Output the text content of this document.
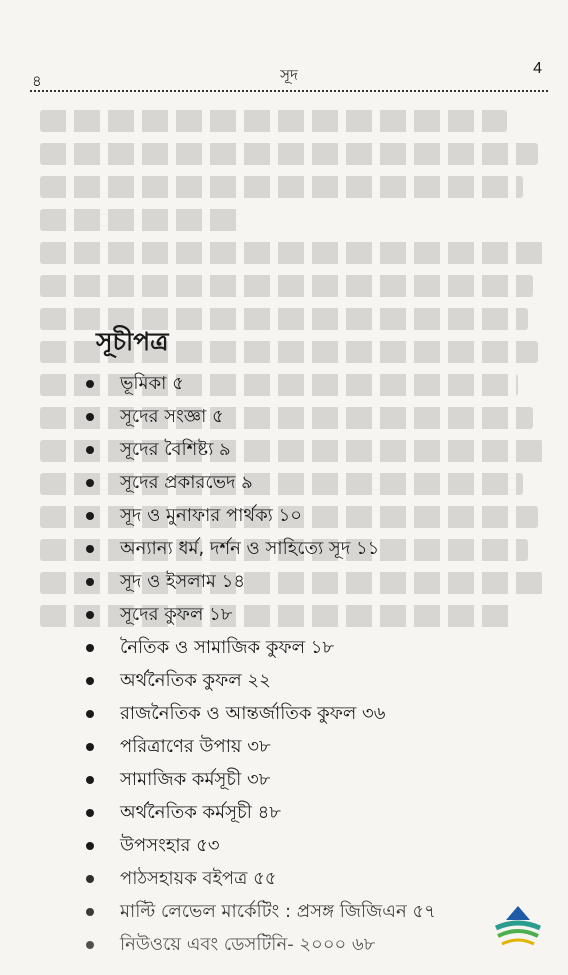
৪	সূদ	4
সূচীপত্র
ভূমিকা ৫
সূদের সংজ্ঞা ৫
সূদের বৈশিষ্ট্য ৯
সূদের প্রকারভেদ ৯
সূদ ও মুনাফার পার্থক্য ১০
অন্যান্য ধর্ম, দর্শন ও সাহিত্যে সূদ ১১
সূদ ও ইসলাম ১৪
সূদের কুফল ১৮
নৈতিক ও সামাজিক কুফল ১৮
অর্থনৈতিক কুফল ২২
রাজনৈতিক ও আন্তর্জাতিক কুফল ৩৬
পরিত্রাণের উপায় ৩৮
সামাজিক কর্মসূচী ৩৮
অর্থনৈতিক কর্মসূচী ৪৮
উপসংহার ৫৩
পাঠসহায়ক বইপত্র ৫৫
মাল্টি লেভেল মার্কেটিং : প্রসঙ্গ জিজিএন ৫৭
নিউওয়ে এবং ডেসটিনি- ২০০০ ৬৮
